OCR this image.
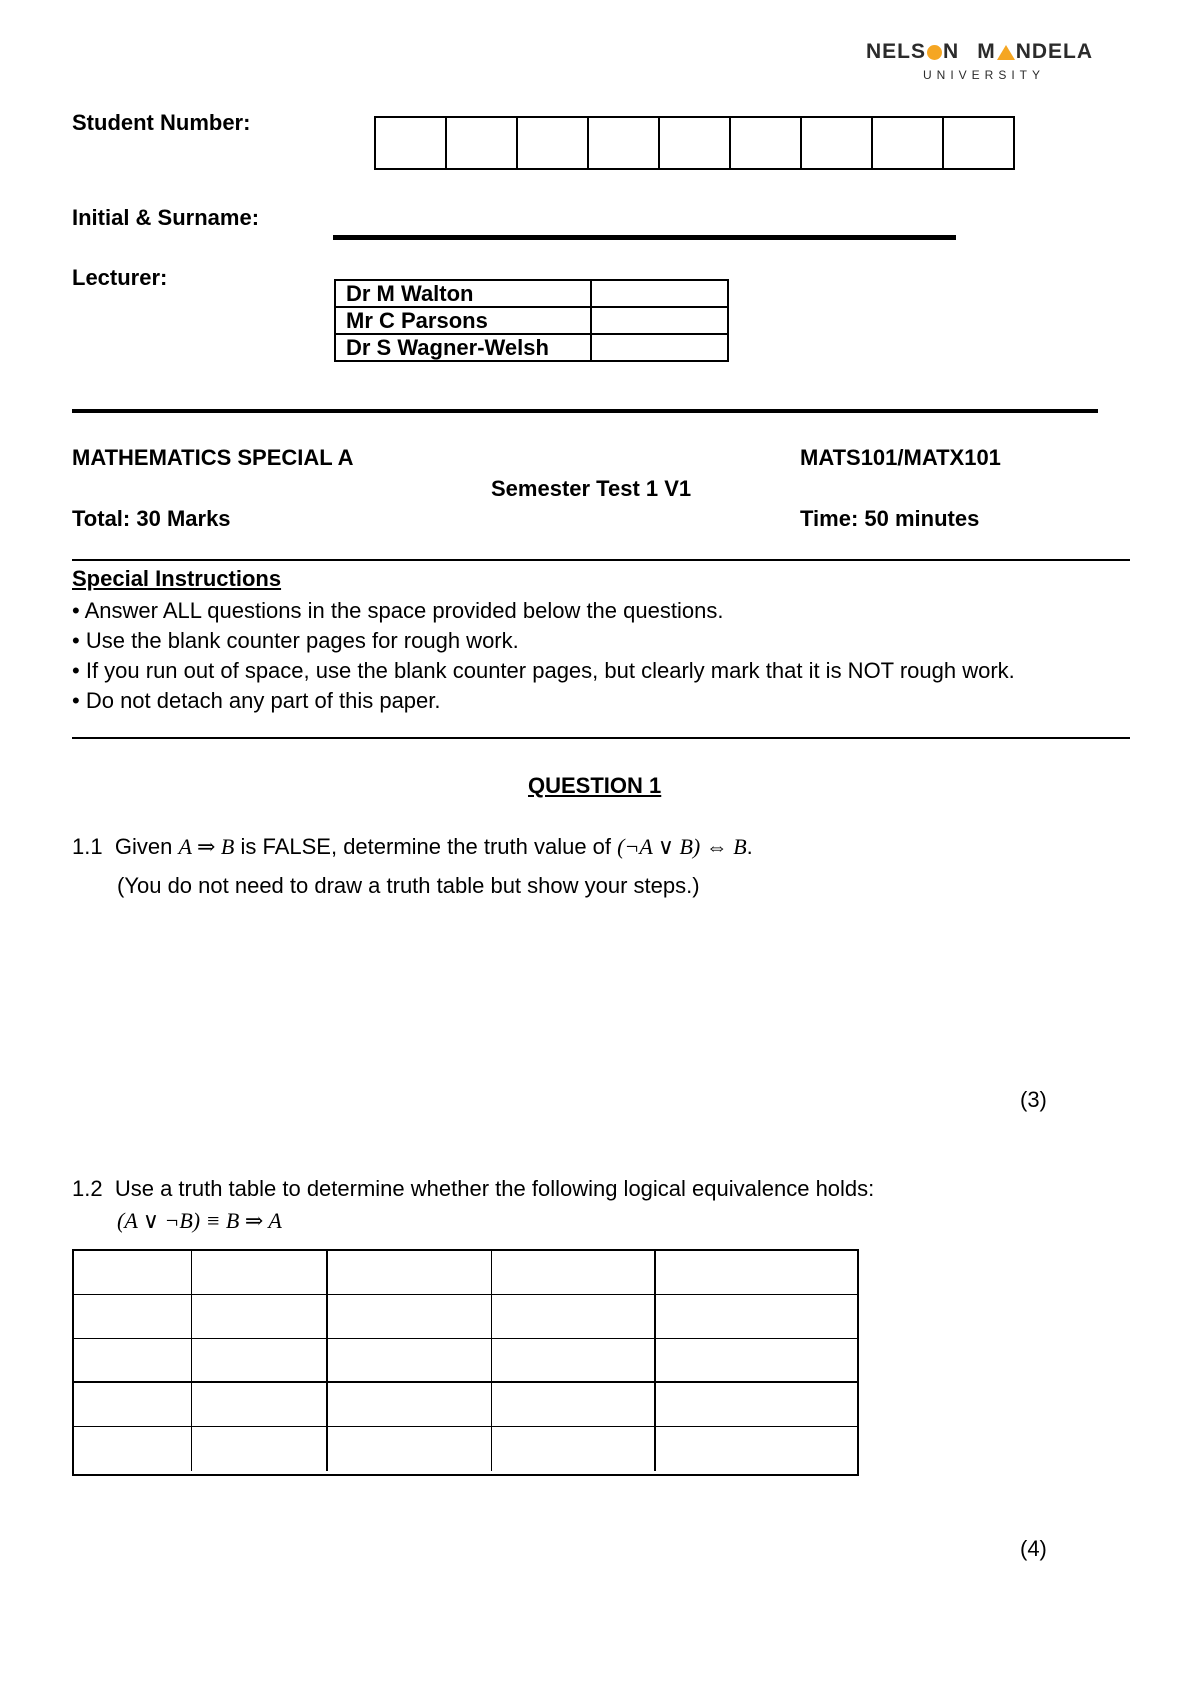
NELS N M NDELA
UNIVERSITY
Student Number:
Initial & Surname:
Lecturer:
Dr M Walton	
Mr C Parsons	
Dr S Wagner-Welsh	
MATHEMATICS SPECIAL A	MATS101/MATX101
Semester Test 1 V1
Total: 30 Marks	Time: 50 minutes
Special Instructions
• Answer ALL questions in the space provided below the questions.
• Use the blank counter pages for rough work.
• If you run out of space, use the blank counter pages, but clearly mark that it is NOT rough work.
• Do not detach any part of this paper.
QUESTION 1
1.1 Given A ⇒ B is FALSE, determine the truth value of (¬A ∨ B) ⇔ B.
(You do not need to draw a truth table but show your steps.)
(3)
1.2 Use a truth table to determine whether the following logical equivalence holds:
(A ∨ ¬B) ≡ B ⇒ A
(4)
